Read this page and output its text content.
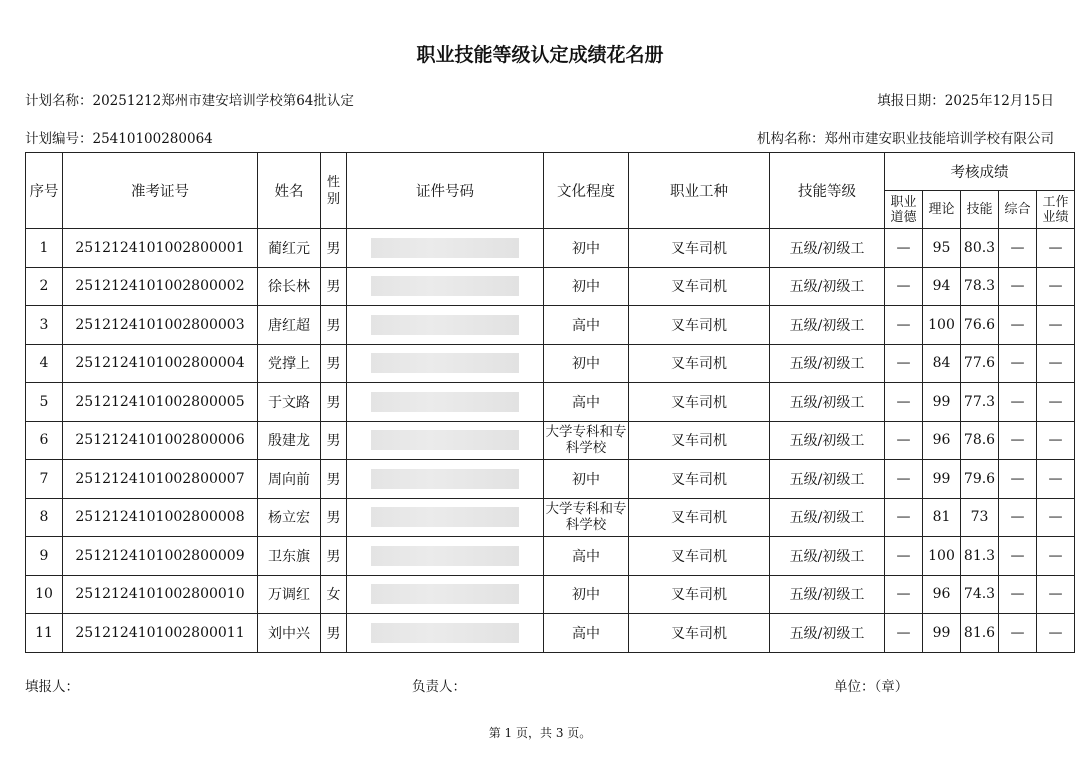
职业技能等级认定成绩花名册
计划名称：20251212郑州市建安培训学校第64批认定	填报日期：2025年12月15日
计划编号：25410100280064	机构名称：郑州市建安职业技能培训学校有限公司
序号	准考证号	姓名	性别	证件号码	文化程度	职业工种	技能等级	考核成绩				
								职业道德	理论	技能	综合	工作业绩
1	2512124101002800001	蔺红元	男		初中	叉车司机	五级/初级工	—	95	80.3	—	—
2	2512124101002800002	徐长林	男		初中	叉车司机	五级/初级工	—	94	78.3	—	—
3	2512124101002800003	唐红超	男		高中	叉车司机	五级/初级工	—	100	76.6	—	—
4	2512124101002800004	党撑上	男		初中	叉车司机	五级/初级工	—	84	77.6	—	—
5	2512124101002800005	于文路	男		高中	叉车司机	五级/初级工	—	99	77.3	—	—
6	2512124101002800006	殷建龙	男		大学专科和专科学校	叉车司机	五级/初级工	—	96	78.6	—	—
7	2512124101002800007	周向前	男		初中	叉车司机	五级/初级工	—	99	79.6	—	—
8	2512124101002800008	杨立宏	男		大学专科和专科学校	叉车司机	五级/初级工	—	81	73	—	—
9	2512124101002800009	卫东旗	男		高中	叉车司机	五级/初级工	—	100	81.3	—	—
10	2512124101002800010	万调红	女		初中	叉车司机	五级/初级工	—	96	74.3	—	—
11	2512124101002800011	刘中兴	男		高中	叉车司机	五级/初级工	—	99	81.6	—	—
填报人：	负责人：	单位：（章）
第 1 页，共 3 页。
